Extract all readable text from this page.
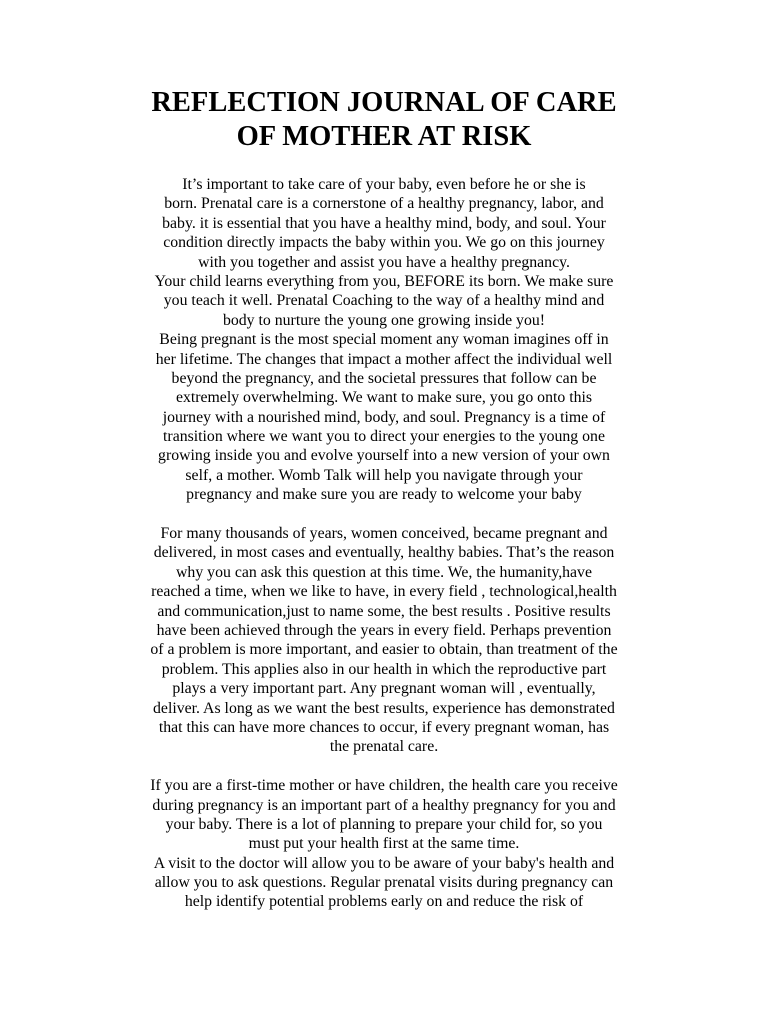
REFLECTION JOURNAL OF CARE
OF MOTHER AT RISK
It’s important to take care of your baby, even before he or she is
born. Prenatal care is a cornerstone of a healthy pregnancy, labor, and
baby. it is essential that you have a healthy mind, body, and soul. Your
condition directly impacts the baby within you. We go on this journey
with you together and assist you have a healthy pregnancy.
Your child learns everything from you, BEFORE its born. We make sure
you teach it well. Prenatal Coaching to the way of a healthy mind and
body to nurture the young one growing inside you!
Being pregnant is the most special moment any woman imagines off in
her lifetime. The changes that impact a mother affect the individual well
beyond the pregnancy, and the societal pressures that follow can be
extremely overwhelming. We want to make sure, you go onto this
journey with a nourished mind, body, and soul. Pregnancy is a time of
transition where we want you to direct your energies to the young one
growing inside you and evolve yourself into a new version of your own
self, a mother. Womb Talk will help you navigate through your
pregnancy and make sure you are ready to welcome your baby
For many thousands of years, women conceived, became pregnant and
delivered, in most cases and eventually, healthy babies. That’s the reason
why you can ask this question at this time. We, the humanity,have
reached a time, when we like to have, in every field , technological,health
and communication,just to name some, the best results . Positive results
have been achieved through the years in every field. Perhaps prevention
of a problem is more important, and easier to obtain, than treatment of the
problem. This applies also in our health in which the reproductive part
plays a very important part. Any pregnant woman will , eventually,
deliver. As long as we want the best results, experience has demonstrated
that this can have more chances to occur, if every pregnant woman, has
the prenatal care.
If you are a first-time mother or have children, the health care you receive
during pregnancy is an important part of a healthy pregnancy for you and
your baby. There is a lot of planning to prepare your child for, so you
must put your health first at the same time.
A visit to the doctor will allow you to be aware of your baby's health and
allow you to ask questions. Regular prenatal visits during pregnancy can
help identify potential problems early on and reduce the risk of
